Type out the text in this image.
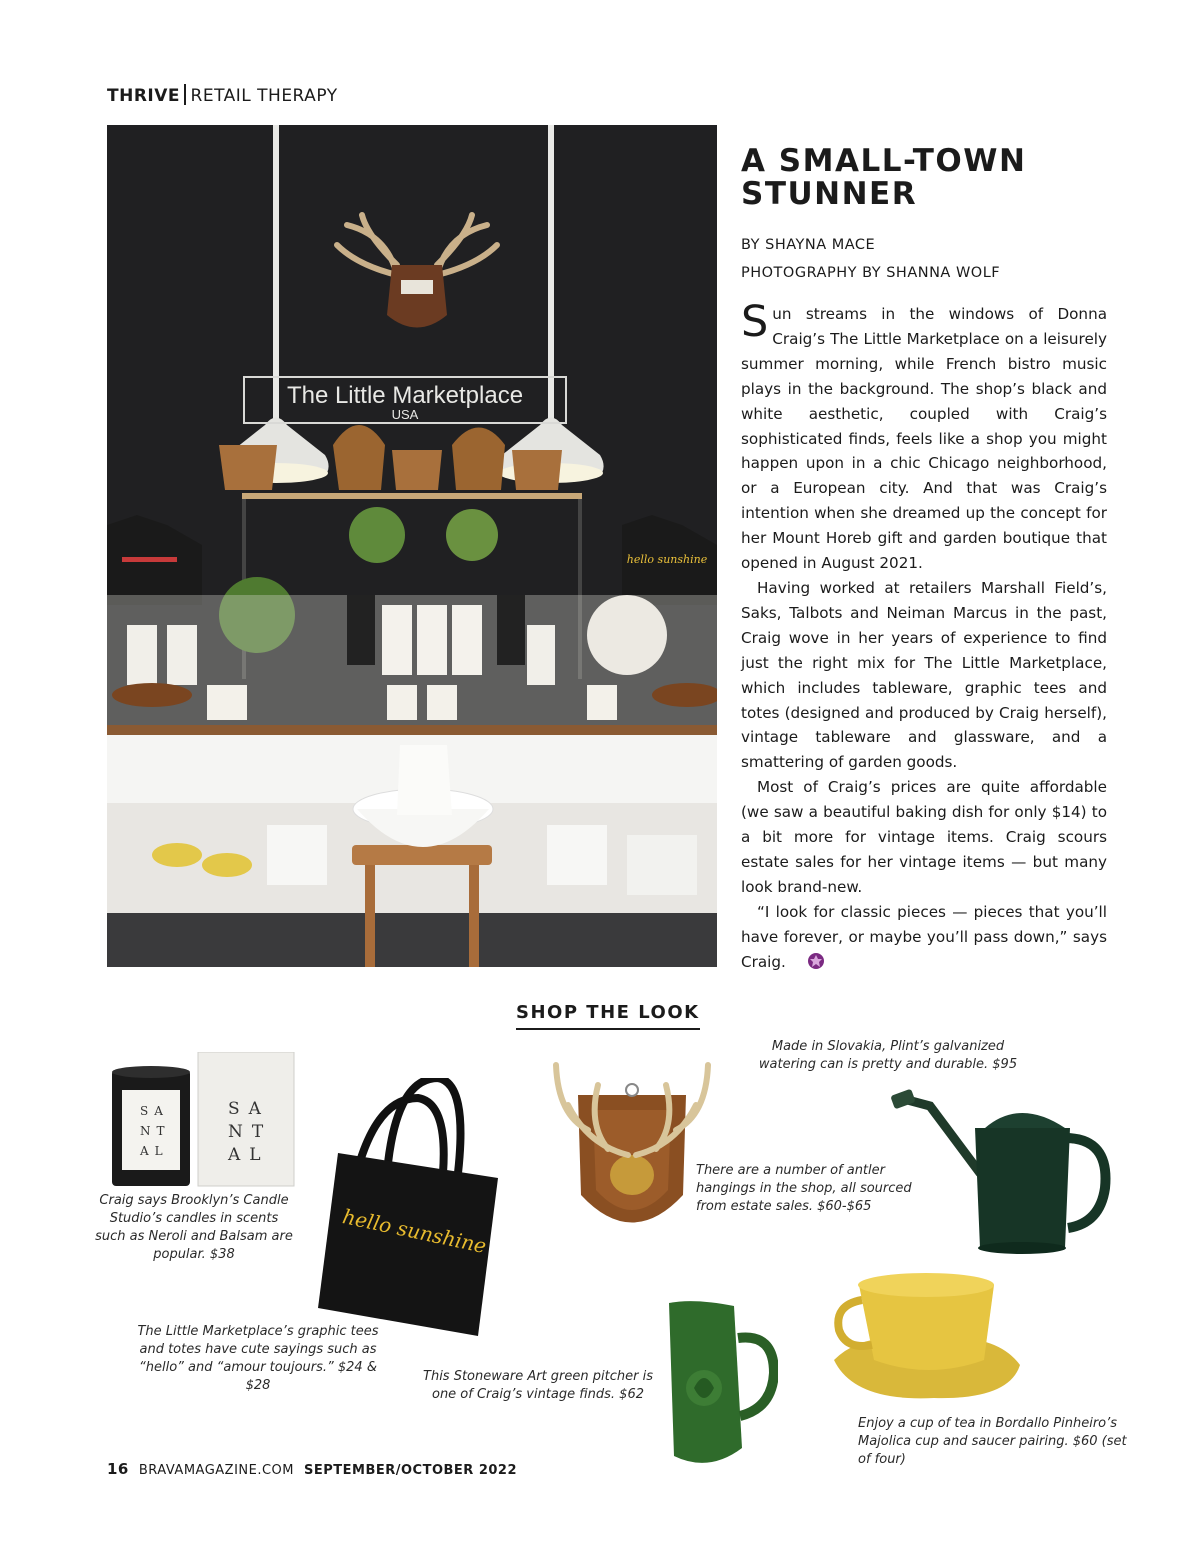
THRIVE RETAIL THERAPY
The Little Marketplace
USA
hello sunshine
A SMALL-TOWN
STUNNER
BY SHAYNA MACE
PHOTOGRAPHY BY SHANNA WOLF

Sun streams in the windows of Donna Craig’s The Little Marketplace on a leisurely summer morning, while French bistro music plays in the background. The shop’s black and white aesthetic, coupled with Craig’s sophisticated finds, feels like a shop you might happen upon in a chic Chicago neighborhood, or a European city. And that was Craig’s intention when she dreamed up the concept for her Mount Horeb gift and garden boutique that opened in August 2021.

Having worked at retailers Marshall Field’s, Saks, Talbots and Neiman Marcus in the past, Craig wove in her years of experience to find just the right mix for The Little Marketplace, which includes tableware, graphic tees and totes (designed and produced by Craig herself), vintage tableware and glassware, and a smattering of garden goods.

Most of Craig’s prices are quite affordable (we saw a beautiful baking dish for only $14) to a bit more for vintage items. Craig scours estate sales for her vintage items — but many look brand-new.

“I look for classic pieces — pieces that you’ll have forever, or maybe you’ll pass down,” says Craig.

SHOP THE LOOK
SA
NT
AL
SA
NT
AL
Craig says Brooklyn’s Candle Studio’s candles in scents such as Neroli and Balsam are popular. $38	hello sunshine
The Little Marketplace’s graphic tees and totes have cute sayings such as “hello” and “amour toujours.” $24 & $28
There are a number of antler hangings in the shop, all sourced from estate sales. $60-$65
Made in Slovakia, Plint’s galvanized watering can is pretty and durable. $95
This Stoneware Art green pitcher is one of Craig’s vintage finds. $62
Enjoy a cup of tea in Bordallo Pinheiro’s Majolica cup and saucer pairing. $60 (set of four)
16 BRAVAMAGAZINE.COM SEPTEMBER/OCTOBER 2022
